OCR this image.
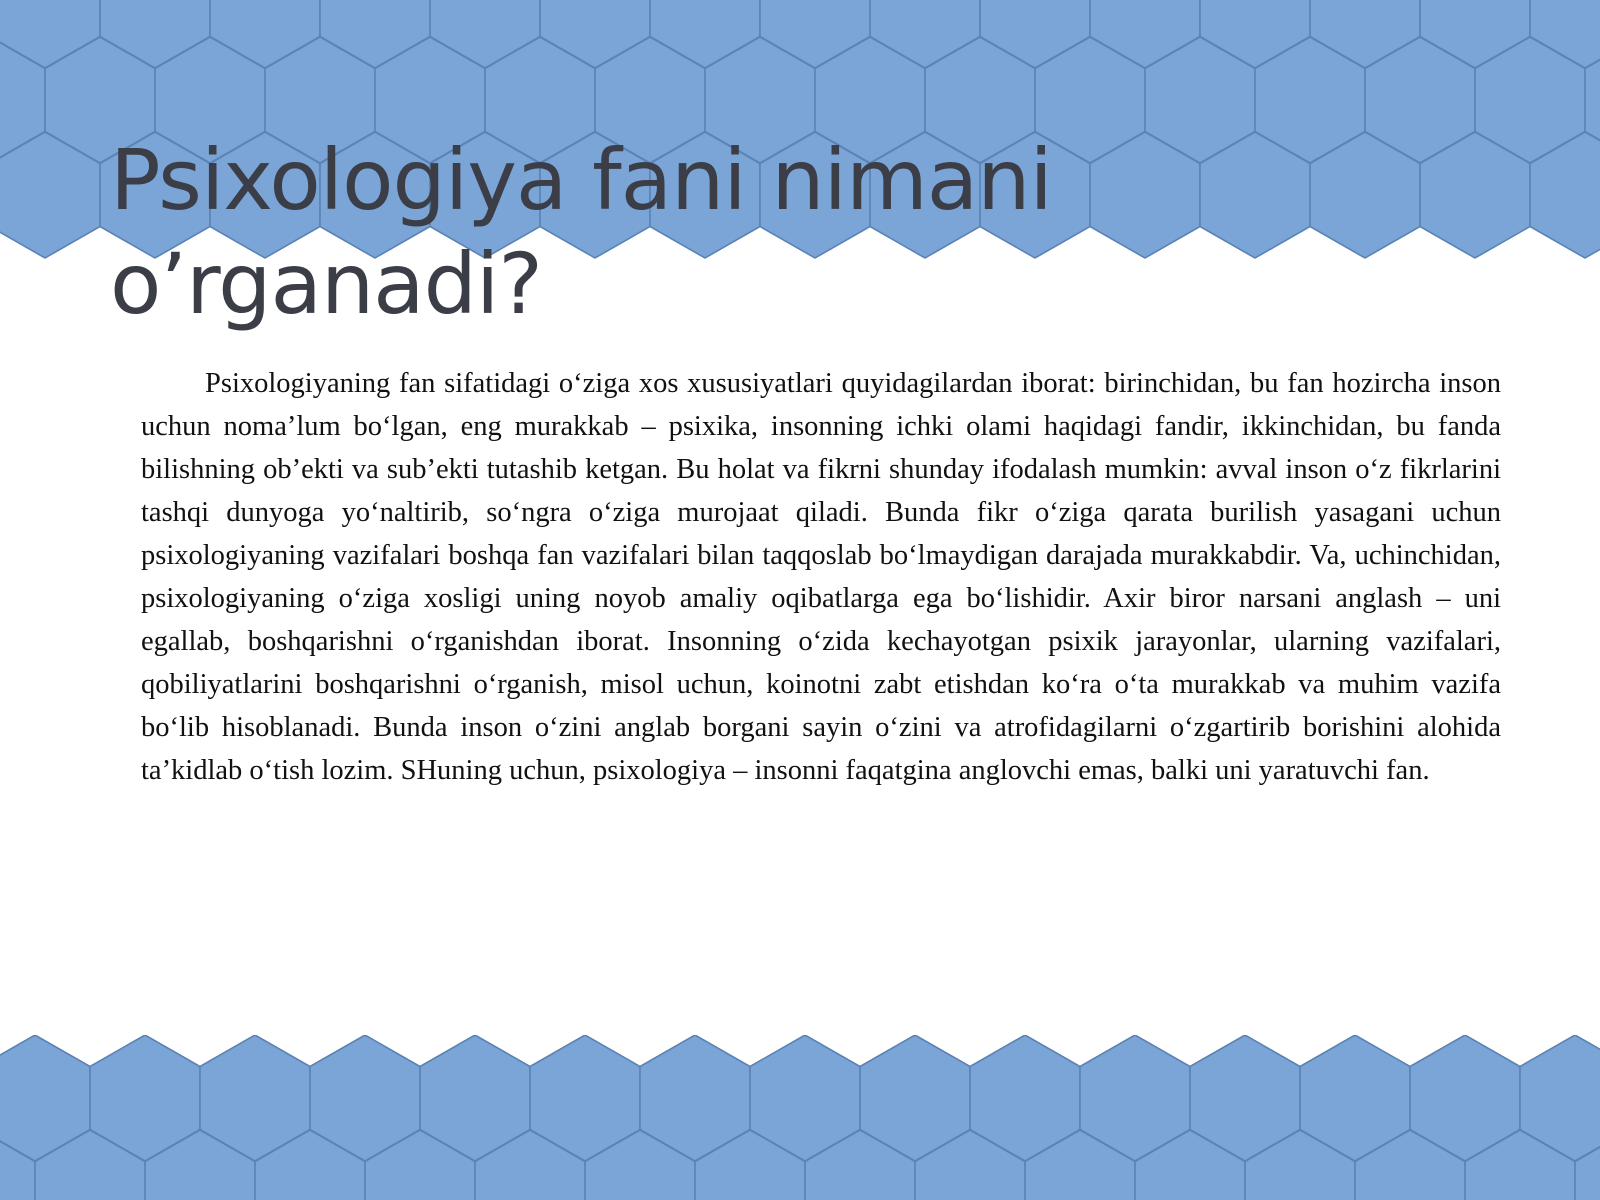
Psixologiya fani nimani o’rganadi?

Psixologiyaning fan sifatidagi o‘ziga xos xususiyatlari quyidagilardan iborat: birinchidan, bu fan hozircha inson uchun noma’lum bo‘lgan, eng murakkab – psixika, insonning ichki olami haqidagi fandir, ikkinchidan, bu fanda bilishning ob’ekti va sub’ekti tutashib ketgan. Bu holat va fikrni shunday ifodalash mumkin: avval inson o‘z fikrlarini tashqi dunyoga yo‘naltirib, so‘ngra o‘ziga murojaat qiladi. Bunda fikr o‘ziga qarata burilish yasagani uchun psixologiyaning vazifalari boshqa fan vazifalari bilan taqqoslab bo‘lmaydigan darajada murakkabdir. Va, uchinchidan, psixologiyaning o‘ziga xosligi uning noyob amaliy oqibatlarga ega bo‘lishidir. Axir biror narsani anglash – uni egallab, boshqarishni o‘rganishdan iborat. Insonning o‘zida kechayotgan psixik jarayonlar, ularning vazifalari, qobiliyatlarini boshqarishni o‘rganish, misol uchun, koinotni zabt etishdan ko‘ra o‘ta murakkab va muhim vazifa bo‘lib hisoblanadi. Bunda inson o‘zini anglab borgani sayin o‘zini va atrofidagilarni o‘zgartirib borishini alohida ta’kidlab o‘tish lozim. SHuning uchun, psixologiya – insonni faqatgina anglovchi emas, balki uni yaratuvchi fan.
